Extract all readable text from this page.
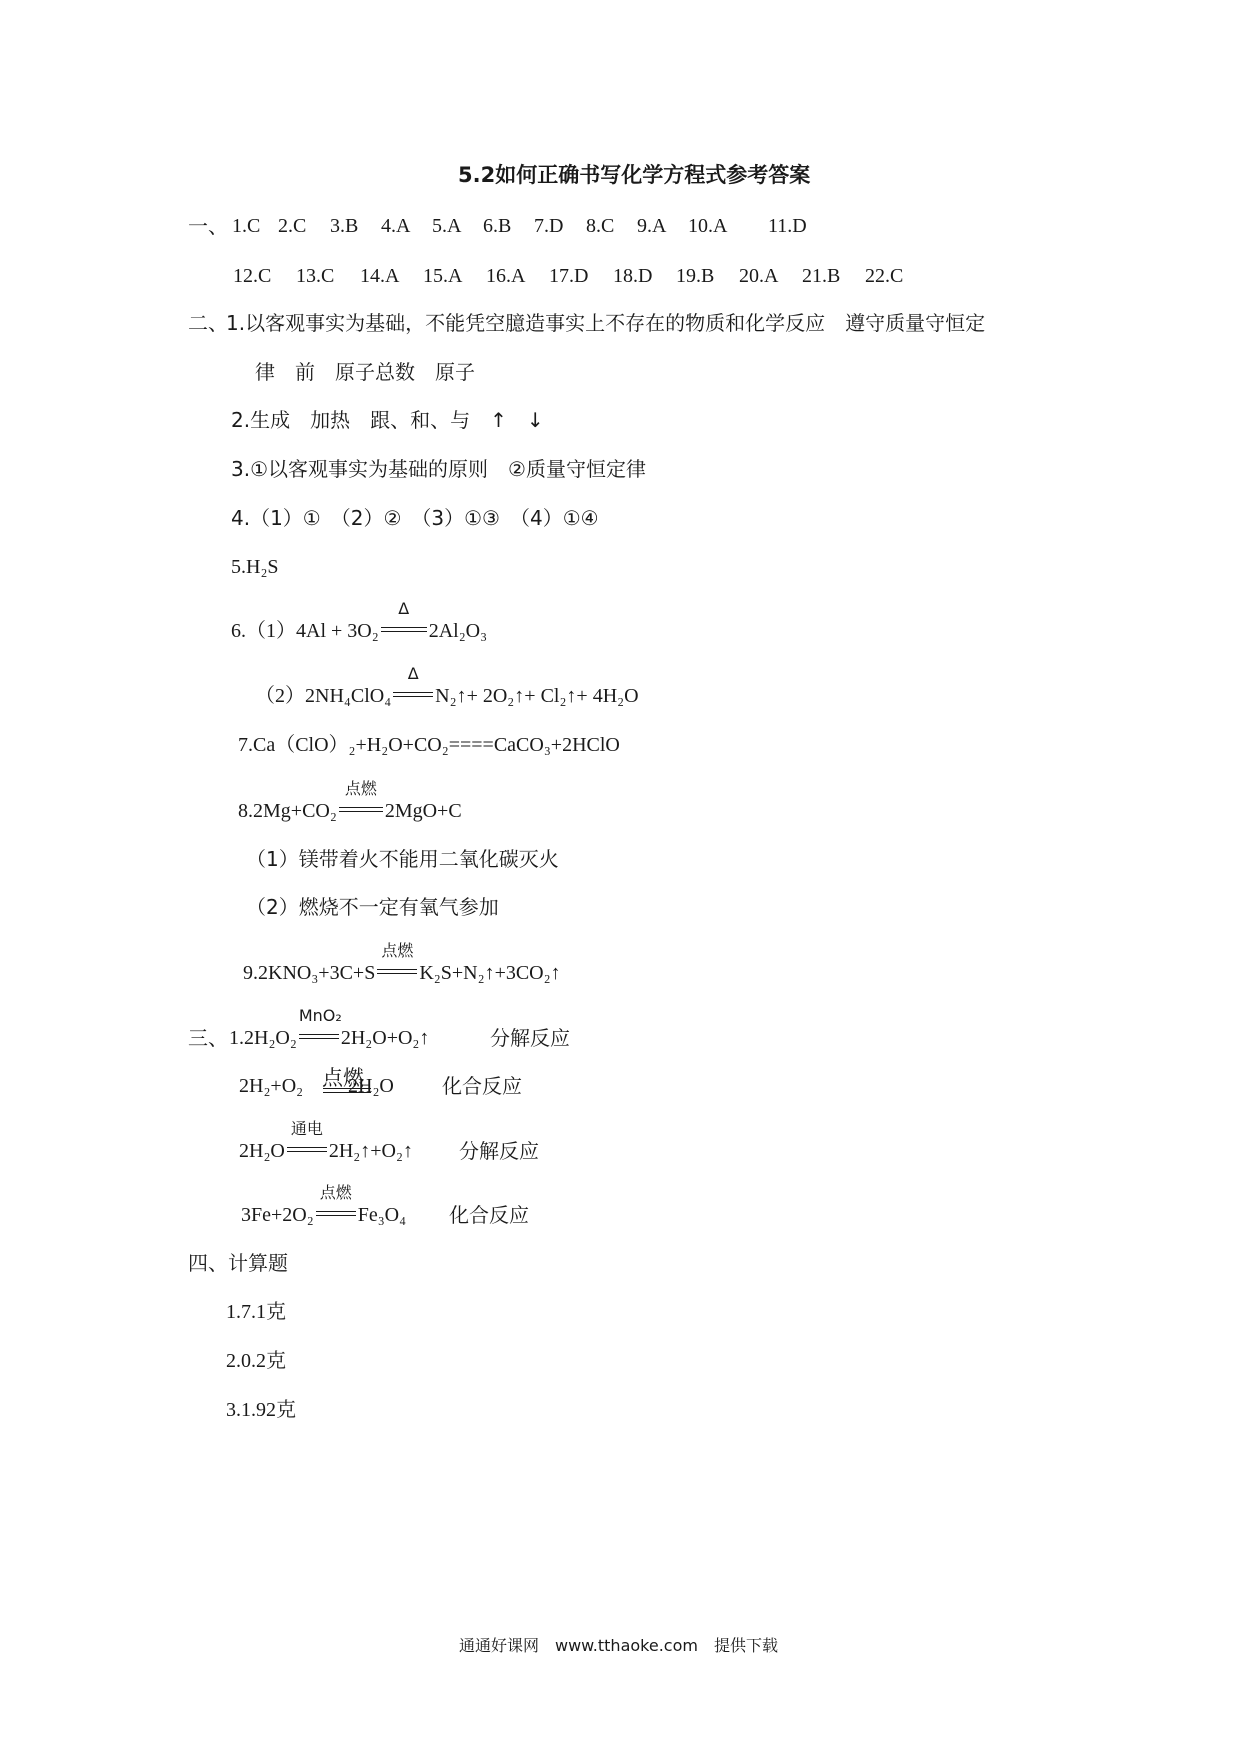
5.2如何正确书写化学方程式参考答案
一、 1.C 2.C 3.B 4.A 5.A 6.B 7.D 8.C 9.A 10.A 11.D
12.C 13.C 14.A 15.A 16.A 17.D 18.D 19.B 20.A 21.B 22.C
二、
1.以客观事实为基础，不能凭空臆造事实上不存在的物质和化学反应　遵守质量守恒定
律　前　原子总数　原子
2.生成　加热　跟、和、与　↑　↓
3.①以客观事实为基础的原则　②质量守恒定律
4.（1）①　（2）②　（3）①③　（4）①④
5.H₂S
6.（1）4Al + 3O₂
Δ
2Al₂O₃
（2）2NH₄ClO₄
Δ
N₂↑+ 2O₂↑+ Cl₂↑+ 4H₂O
7.Ca（ClO）₂+H₂O+CO₂====CaCO₃+2HClO
8.2Mg+CO₂
点燃
2MgO+C
（1）镁带着火不能用二氧化碳灭火
（2）燃烧不一定有氧气参加
9.2KNO₃+3C+S
点燃
K₂S+N₂↑+3CO₂↑
三、 1.2H₂O₂
MnO₂
2H₂O+O₂↑	分解反应
2H₂+O₂ 点燃
2H₂O 化合反应
2H₂O
通电
2H₂↑+O₂↑ 分解反应
3Fe+2O₂
点燃
Fe₃O₄ 化合反应
四、计算题
1.7.1克
2.0.2克
3.1.92克
通通好课网　www.tthaoke.com　提供下载
